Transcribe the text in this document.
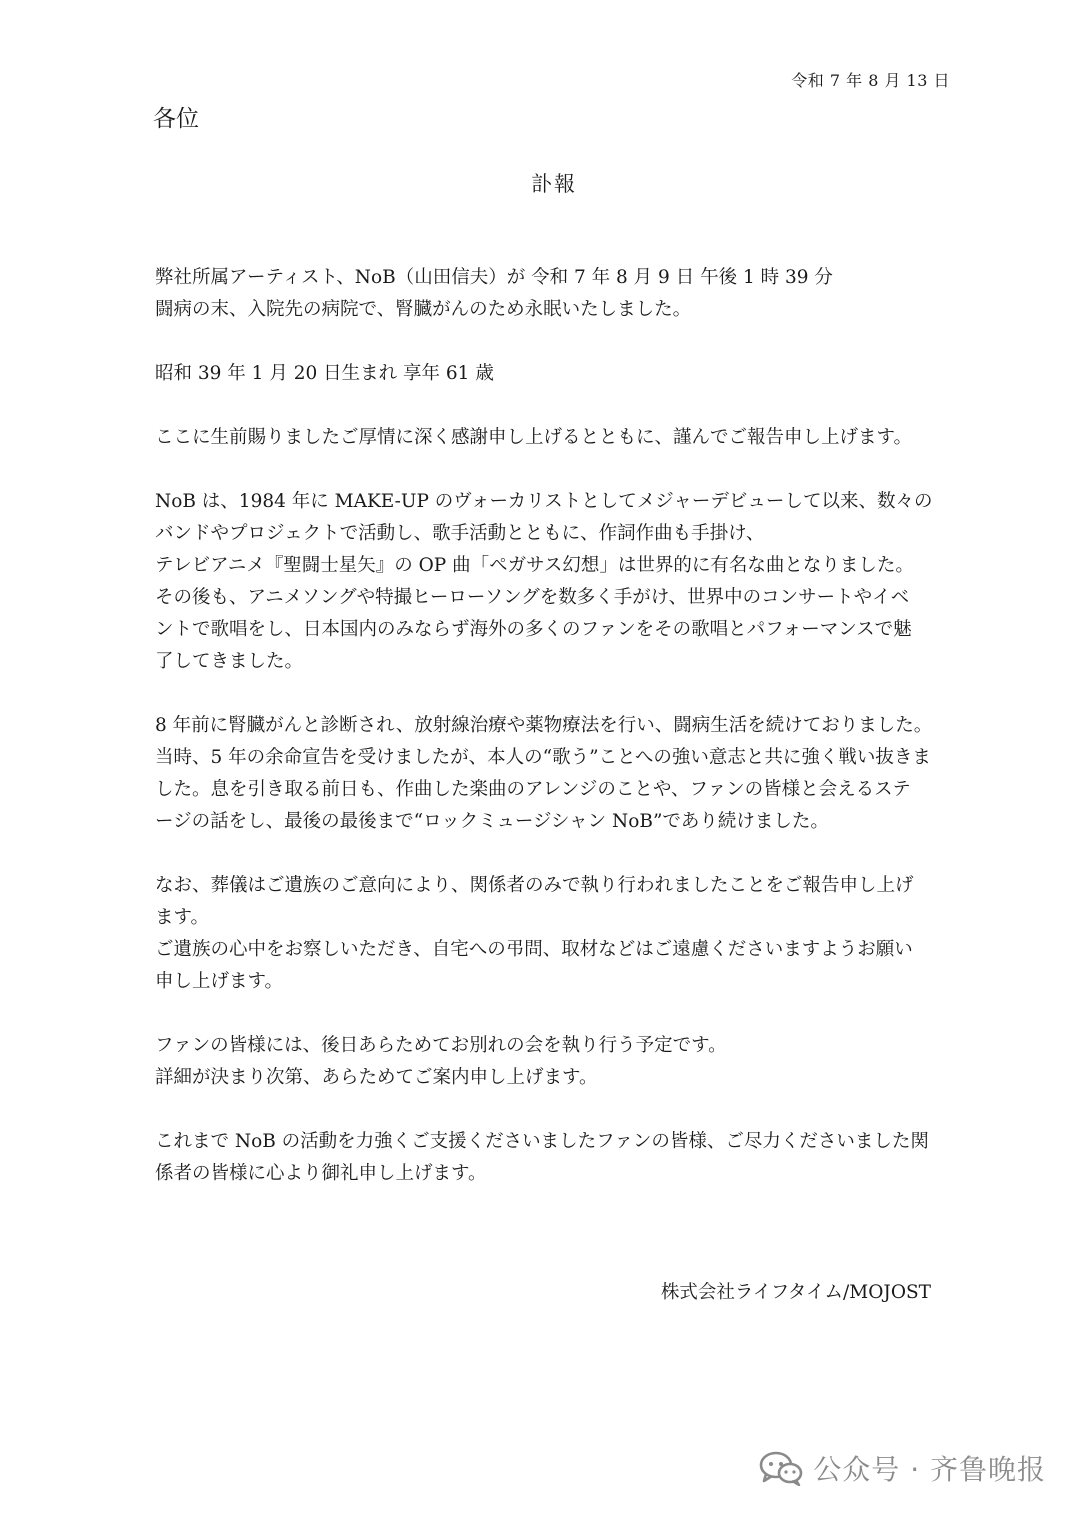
令和 7 年 8 月 13 日
各位
訃報
弊社所属アーティスト、NoB（山田信夫）が 令和 7 年 8 月 9 日 午後 1 時 39 分
闘病の末、入院先の病院で、腎臓がんのため永眠いたしました。
昭和 39 年 1 月 20 日生まれ 享年 61 歳
ここに生前賜りましたご厚情に深く感謝申し上げるとともに、謹んでご報告申し上げます。
NoB は、1984 年に MAKE-UP のヴォーカリストとしてメジャーデビューして以来、数々の
バンドやプロジェクトで活動し、歌手活動とともに、作詞作曲も手掛け、
テレビアニメ『聖闘士星矢』の OP 曲「ペガサス幻想」は世界的に有名な曲となりました。
その後も、アニメソングや特撮ヒーローソングを数多く手がけ、世界中のコンサートやイベ
ントで歌唱をし、日本国内のみならず海外の多くのファンをその歌唱とパフォーマンスで魅
了してきました。
8 年前に腎臓がんと診断され、放射線治療や薬物療法を行い、闘病生活を続けておりました。
当時、5 年の余命宣告を受けましたが、本人の“歌う”ことへの強い意志と共に強く戦い抜きま
した。息を引き取る前日も、作曲した楽曲のアレンジのことや、ファンの皆様と会えるステ
ージの話をし、最後の最後まで“ロックミュージシャン NoB”であり続けました。
なお、葬儀はご遺族のご意向により、関係者のみで執り行われましたことをご報告申し上げ
ます。
ご遺族の心中をお察しいただき、自宅への弔問、取材などはご遠慮くださいますようお願い
申し上げます。
ファンの皆様には、後日あらためてお別れの会を執り行う予定です。
詳細が決まり次第、あらためてご案内申し上げます。
これまで NoB の活動を力強くご支援くださいましたファンの皆様、ご尽力くださいました関
係者の皆様に心より御礼申し上げます。
株式会社ライフタイム/MOJOST
公众号 · 齐鲁晚报
